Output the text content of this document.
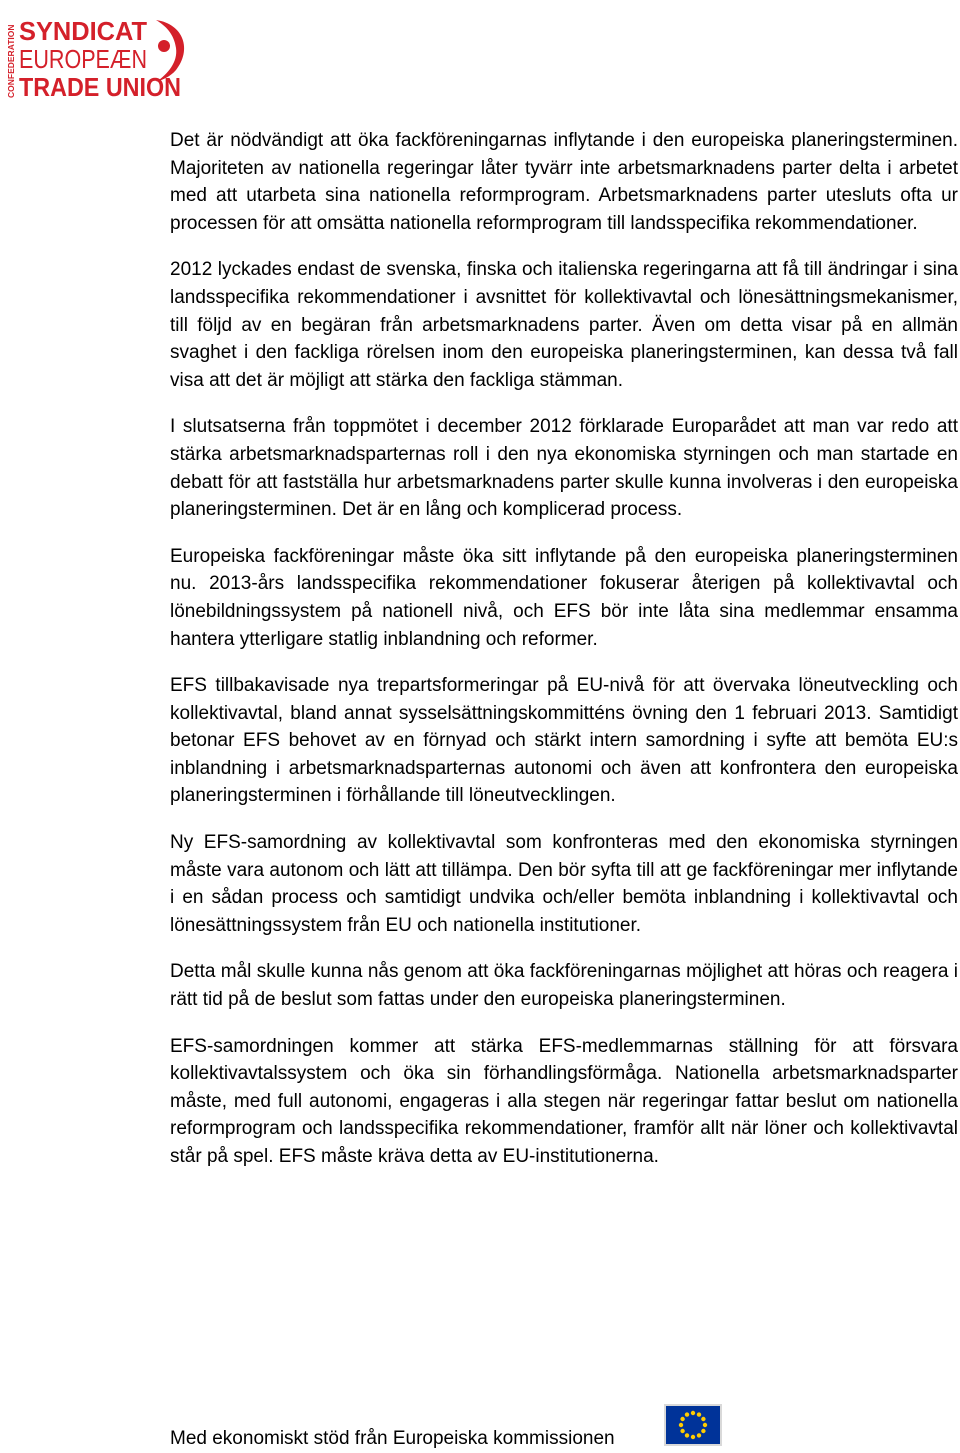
CONFEDERATION SYNDICAT
EUROPEÆN
TRADE UNION

Det är nödvändigt att öka fackföreningarnas inflytande i den europeiska planeringsterminen. Majoriteten av nationella regeringar låter tyvärr inte arbetsmarknadens parter delta i arbetet med att utarbeta sina nationella reformprogram. Arbetsmarknadens parter utesluts ofta ur processen för att omsätta nationella reformprogram till landsspecifika rekommendationer.

2012 lyckades endast de svenska, finska och italienska regeringarna att få till ändringar i sina landsspecifika rekommendationer i avsnittet för kollektivavtal och lönesättningsmekanismer, till följd av en begäran från arbetsmarknadens parter. Även om detta visar på en allmän svaghet i den fackliga rörelsen inom den europeiska planeringsterminen, kan dessa två fall visa att det är möjligt att stärka den fackliga stämman.

I slutsatserna från toppmötet i december 2012 förklarade Europarådet att man var redo att stärka arbetsmarknadsparternas roll i den nya ekonomiska styrningen och man startade en debatt för att fastställa hur arbetsmarknadens parter skulle kunna involveras i den europeiska planeringsterminen. Det är en lång och komplicerad process.

Europeiska fackföreningar måste öka sitt inflytande på den europeiska planeringsterminen nu. 2013-års landsspecifika rekommendationer fokuserar återigen på kollektivavtal och lönebildningssystem på nationell nivå, och EFS bör inte låta sina medlemmar ensamma hantera ytterligare statlig inblandning och reformer.

EFS tillbakavisade nya trepartsformeringar på EU-nivå för att övervaka löneutveckling och kollektivavtal, bland annat sysselsättningskommitténs övning den 1 februari 2013. Samtidigt betonar EFS behovet av en förnyad och stärkt intern samordning i syfte att bemöta EU:s inblandning i arbetsmarknadsparternas autonomi och även att konfrontera den europeiska planeringsterminen i förhållande till löneutvecklingen.

Ny EFS-samordning av kollektivavtal som konfronteras med den ekonomiska styrningen måste vara autonom och lätt att tillämpa. Den bör syfta till att ge fackföreningar mer inflytande i en sådan process och samtidigt undvika och/eller bemöta inblandning i kollektivavtal och lönesättningssystem från EU och nationella institutioner.

Detta mål skulle kunna nås genom att öka fackföreningarnas möjlighet att höras och reagera i rätt tid på de beslut som fattas under den europeiska planeringsterminen.

EFS-samordningen kommer att stärka EFS-medlemmarnas ställning för att försvara kollektivavtalssystem och öka sin förhandlingsförmåga. Nationella arbetsmarknadsparter måste, med full autonomi, engageras i alla stegen när regeringar fattar beslut om nationella reformprogram och landsspecifika rekommendationer, framför allt när löner och kollektivavtal står på spel. EFS måste kräva detta av EU-institutionerna.

Med ekonomiskt stöd från Europeiska kommissionen
